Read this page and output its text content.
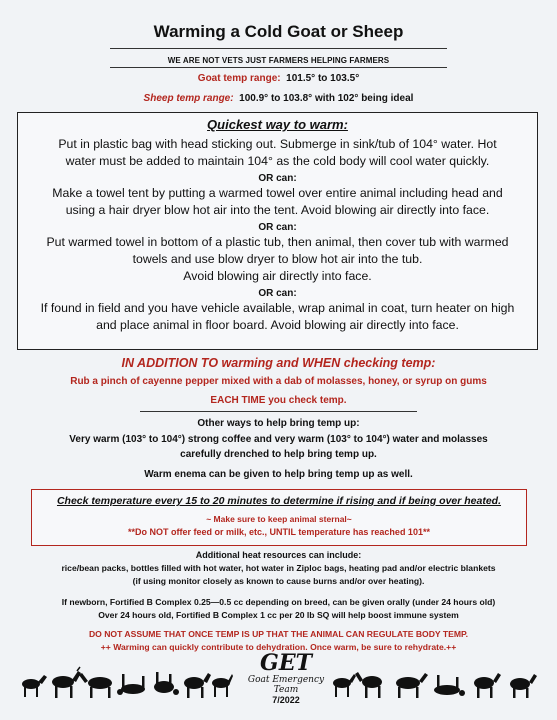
Warming a Cold Goat or Sheep
WE ARE NOT VETS JUST FARMERS HELPING FARMERS
Goat temp range: 101.5° to 103.5°
Sheep temp range: 100.9° to 103.8° with 102° being ideal
Quickest way to warm:
Put in plastic bag with head sticking out. Submerge in sink/tub of 104° water. Hot
water must be added to maintain 104° as the cold body will cool water quickly.
OR can:
Make a towel tent by putting a warmed towel over entire animal including head and
using a hair dryer blow hot air into the tent. Avoid blowing air directly into face.
OR can:
Put warmed towel in bottom of a plastic tub, then animal, then cover tub with warmed
towels and use blow dryer to blow hot air into the tub.
Avoid blowing air directly into face.
OR can:
If found in field and you have vehicle available, wrap animal in coat, turn heater on high
and place animal in floor board. Avoid blowing air directly into face.
IN ADDITION TO warming and WHEN checking temp:
Rub a pinch of cayenne pepper mixed with a dab of molasses, honey, or syrup on gums
EACH TIME you check temp.
Other ways to help bring temp up:
Very warm (103° to 104°) strong coffee and very warm (103° to 104°) water and molasses
carefully drenched to help bring temp up.
Warm enema can be given to help bring temp up as well.
Check temperature every 15 to 20 minutes to determine if rising and if being over heated.
~ Make sure to keep animal sternal~
**Do NOT offer feed or milk, etc., UNTIL temperature has reached 101**
Additional heat resources can include:
rice/bean packs, bottles filled with hot water, hot water in Ziploc bags, heating pad and/or electric blankets
(if using monitor closely as known to cause burns and/or over heating).
If newborn, Fortified B Complex 0.25—0.5 cc depending on breed, can be given orally (under 24 hours old)
Over 24 hours old, Fortified B Complex 1 cc per 20 lb SQ will help boost immune system
DO NOT ASSUME THAT ONCE TEMP IS UP THAT THE ANIMAL CAN REGULATE BODY TEMP.
++ Warming can quickly contribute to dehydration. Once warm, be sure to rehydrate.++
GET
Goat Emergency Team
7/2022
